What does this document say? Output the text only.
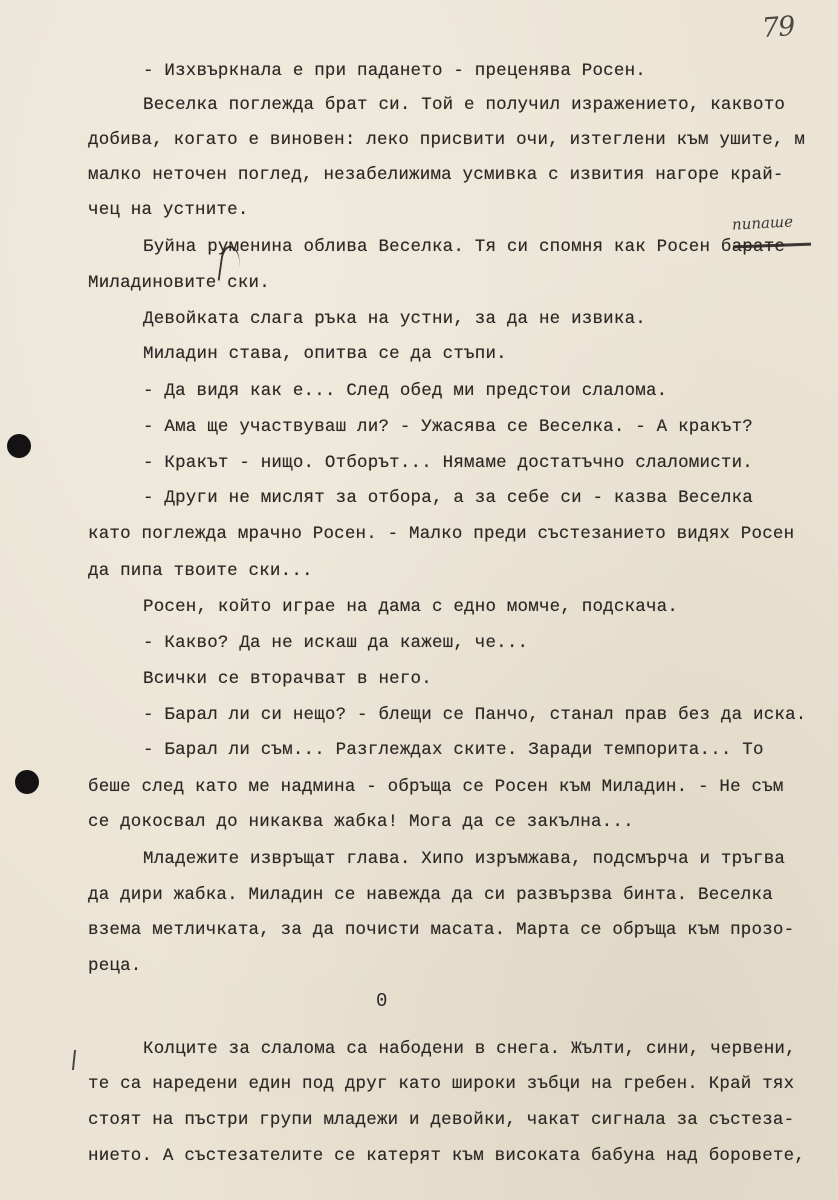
79
пипаше
- Изхвъркнала е при падането - преценява Росен.
Веселка поглежда брат си. Той е получил изражението, каквото
добива, когато е виновен: леко присвити очи, изтеглени към ушите, м
малко неточен поглед, незабелижима усмивка с извития нагоре край-
чец на устните.
Буйна руменина облива Веселка. Тя си спомня как Росен барате
Миладиновите ски.
Девойката слага ръка на устни, за да не извика.
Миладин става, опитва се да стъпи.
- Да видя как е... След обед ми предстои слалома.
- Ама ще участвуваш ли? - Ужасява се Веселка. - А кракът?
- Кракът - нищо. Отборът... Нямаме достатъчно слаломисти.
- Други не мислят за отбора, а за себе си - казва Веселка
като поглежда мрачно Росен. - Малко преди състезанието видях Росен
да пипа твоите ски...
Росен, който играе на дама с едно момче, подскача.
- Какво? Да не искаш да кажеш, че...
Всички се вторачват в него.
- Барал ли си нещо? - блещи се Панчо, станал прав без да иска.
- Барал ли съм... Разглеждах ските. Заради темпорита... То
беше след като ме надмина - обръща се Росен към Миладин. - Не съм
се докосвал до никаква жабка! Мога да се закълна...
Младежите извръщат глава. Хипо изръмжава, подсмърча и тръгва
да дири жабка. Миладин се навежда да си развързва бинта. Веселка
взема метличката, за да почисти масата. Марта се обръща към прозо-
реца.
0
Колците за слалома са набодени в снега. Жълти, сини, червени,
те са наредени един под друг като широки зъбци на гребен. Край тях
стоят на пъстри групи младежи и девойки, чакат сигнала за състеза-
нието. А състезателите се катерят към високата бабуна над боровете,
